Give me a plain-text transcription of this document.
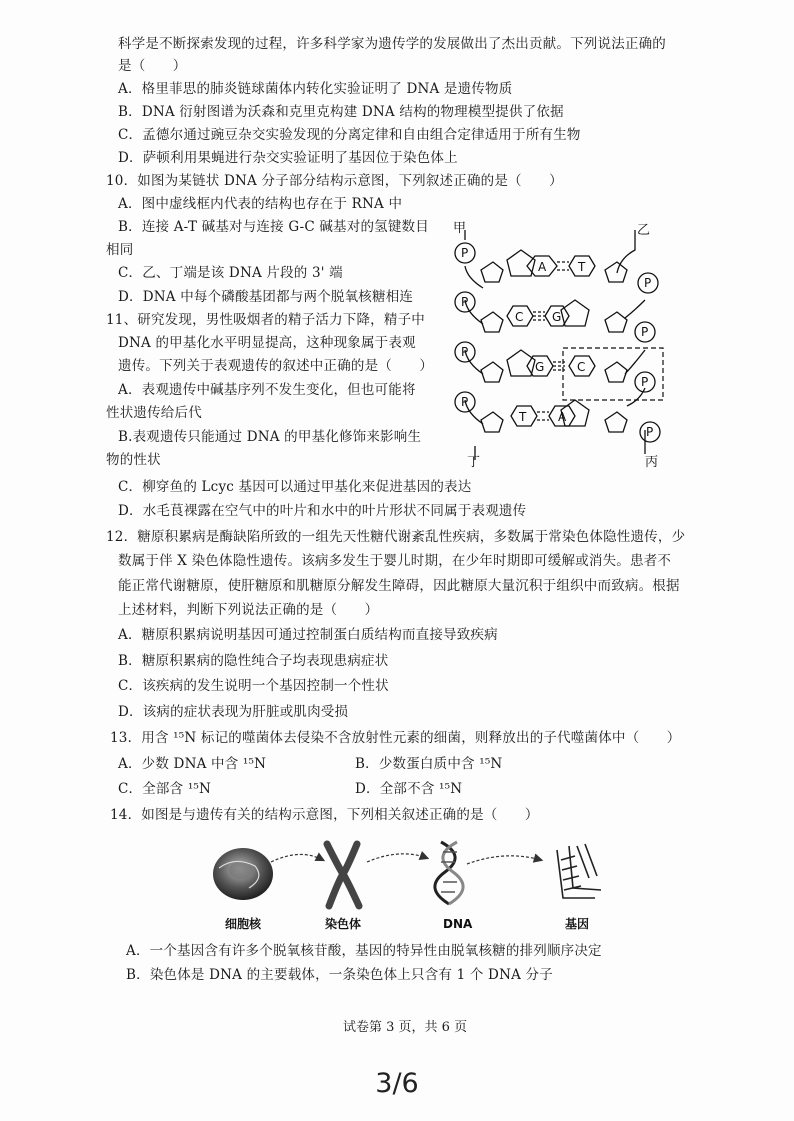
科学是不断探索发现的过程，许多科学家为遗传学的发展做出了杰出贡献。下列说法正确的
是（　　）
A．格里菲思的肺炎链球菌体内转化实验证明了 DNA 是遗传物质
B．DNA 衍射图谱为沃森和克里克构建 DNA 结构的物理模型提供了依据
C．孟德尔通过豌豆杂交实验发现的分离定律和自由组合定律适用于所有生物
D．萨顿利用果蝇进行杂交实验证明了基因位于染色体上
10．如图为某链状 DNA 分子部分结构示意图，下列叙述正确的是（　　）
A．图中虚线框内代表的结构也存在于 RNA 中
B．连接 A-T 碱基对与连接 G-C 碱基对的氢键数目
相同
C．乙、丁端是该 DNA 片段的 3' 端
D．DNA 中每个磷酸基团都与两个脱氧核糖相连
11、研究发现，男性吸烟者的精子活力下降，精子中
DNA 的甲基化水平明显提高，这种现象属于表观
遗传。下列关于表观遗传的叙述中正确的是（　　）
A．表观遗传中碱基序列不发生变化，但也可能将
性状遗传给后代
B.表观遗传只能通过 DNA 的甲基化修饰来影响生
物的性状
C．柳穿鱼的 Lcyc 基因可以通过甲基化来促进基因的表达
D．水毛茛裸露在空气中的叶片和水中的叶片形状不同属于表观遗传
12．糖原积累病是酶缺陷所致的一组先天性糖代谢紊乱性疾病，多数属于常染色体隐性遗传，少
数属于伴 X 染色体隐性遗传。该病多发生于婴儿时期，在少年时期即可缓解或消失。患者不
能正常代谢糖原，使肝糖原和肌糖原分解发生障碍，因此糖原大量沉积于组织中而致病。根据
上述材料，判断下列说法正确的是（　　）
A．糖原积累病说明基因可通过控制蛋白质结构而直接导致疾病
B．糖原积累病的隐性纯合子均表现患病症状
C．该疾病的发生说明一个基因控制一个性状
D．该病的症状表现为肝脏或肌肉受损
13．用含 ¹⁵N 标记的噬菌体去侵染不含放射性元素的细菌，则释放出的子代噬菌体中（　　）
A．少数 DNA 中含 ¹⁵N	B．少数蛋白质中含 ¹⁵N
C．全部含 ¹⁵N	D．全部不含 ¹⁵N
14．如图是与遗传有关的结构示意图，下列相关叙述正确的是（　　）
P
P
P
P
P
P
P
P
A	T
C G
G	C
T	A
甲	乙
丁	丙
细胞核	染色体	DNA	基因
A．一个基因含有许多个脱氧核苷酸，基因的特异性由脱氧核糖的排列顺序决定
B．染色体是 DNA 的主要载体，一条染色体上只含有 1 个 DNA 分子
试卷第 3 页，共 6 页
3/6
